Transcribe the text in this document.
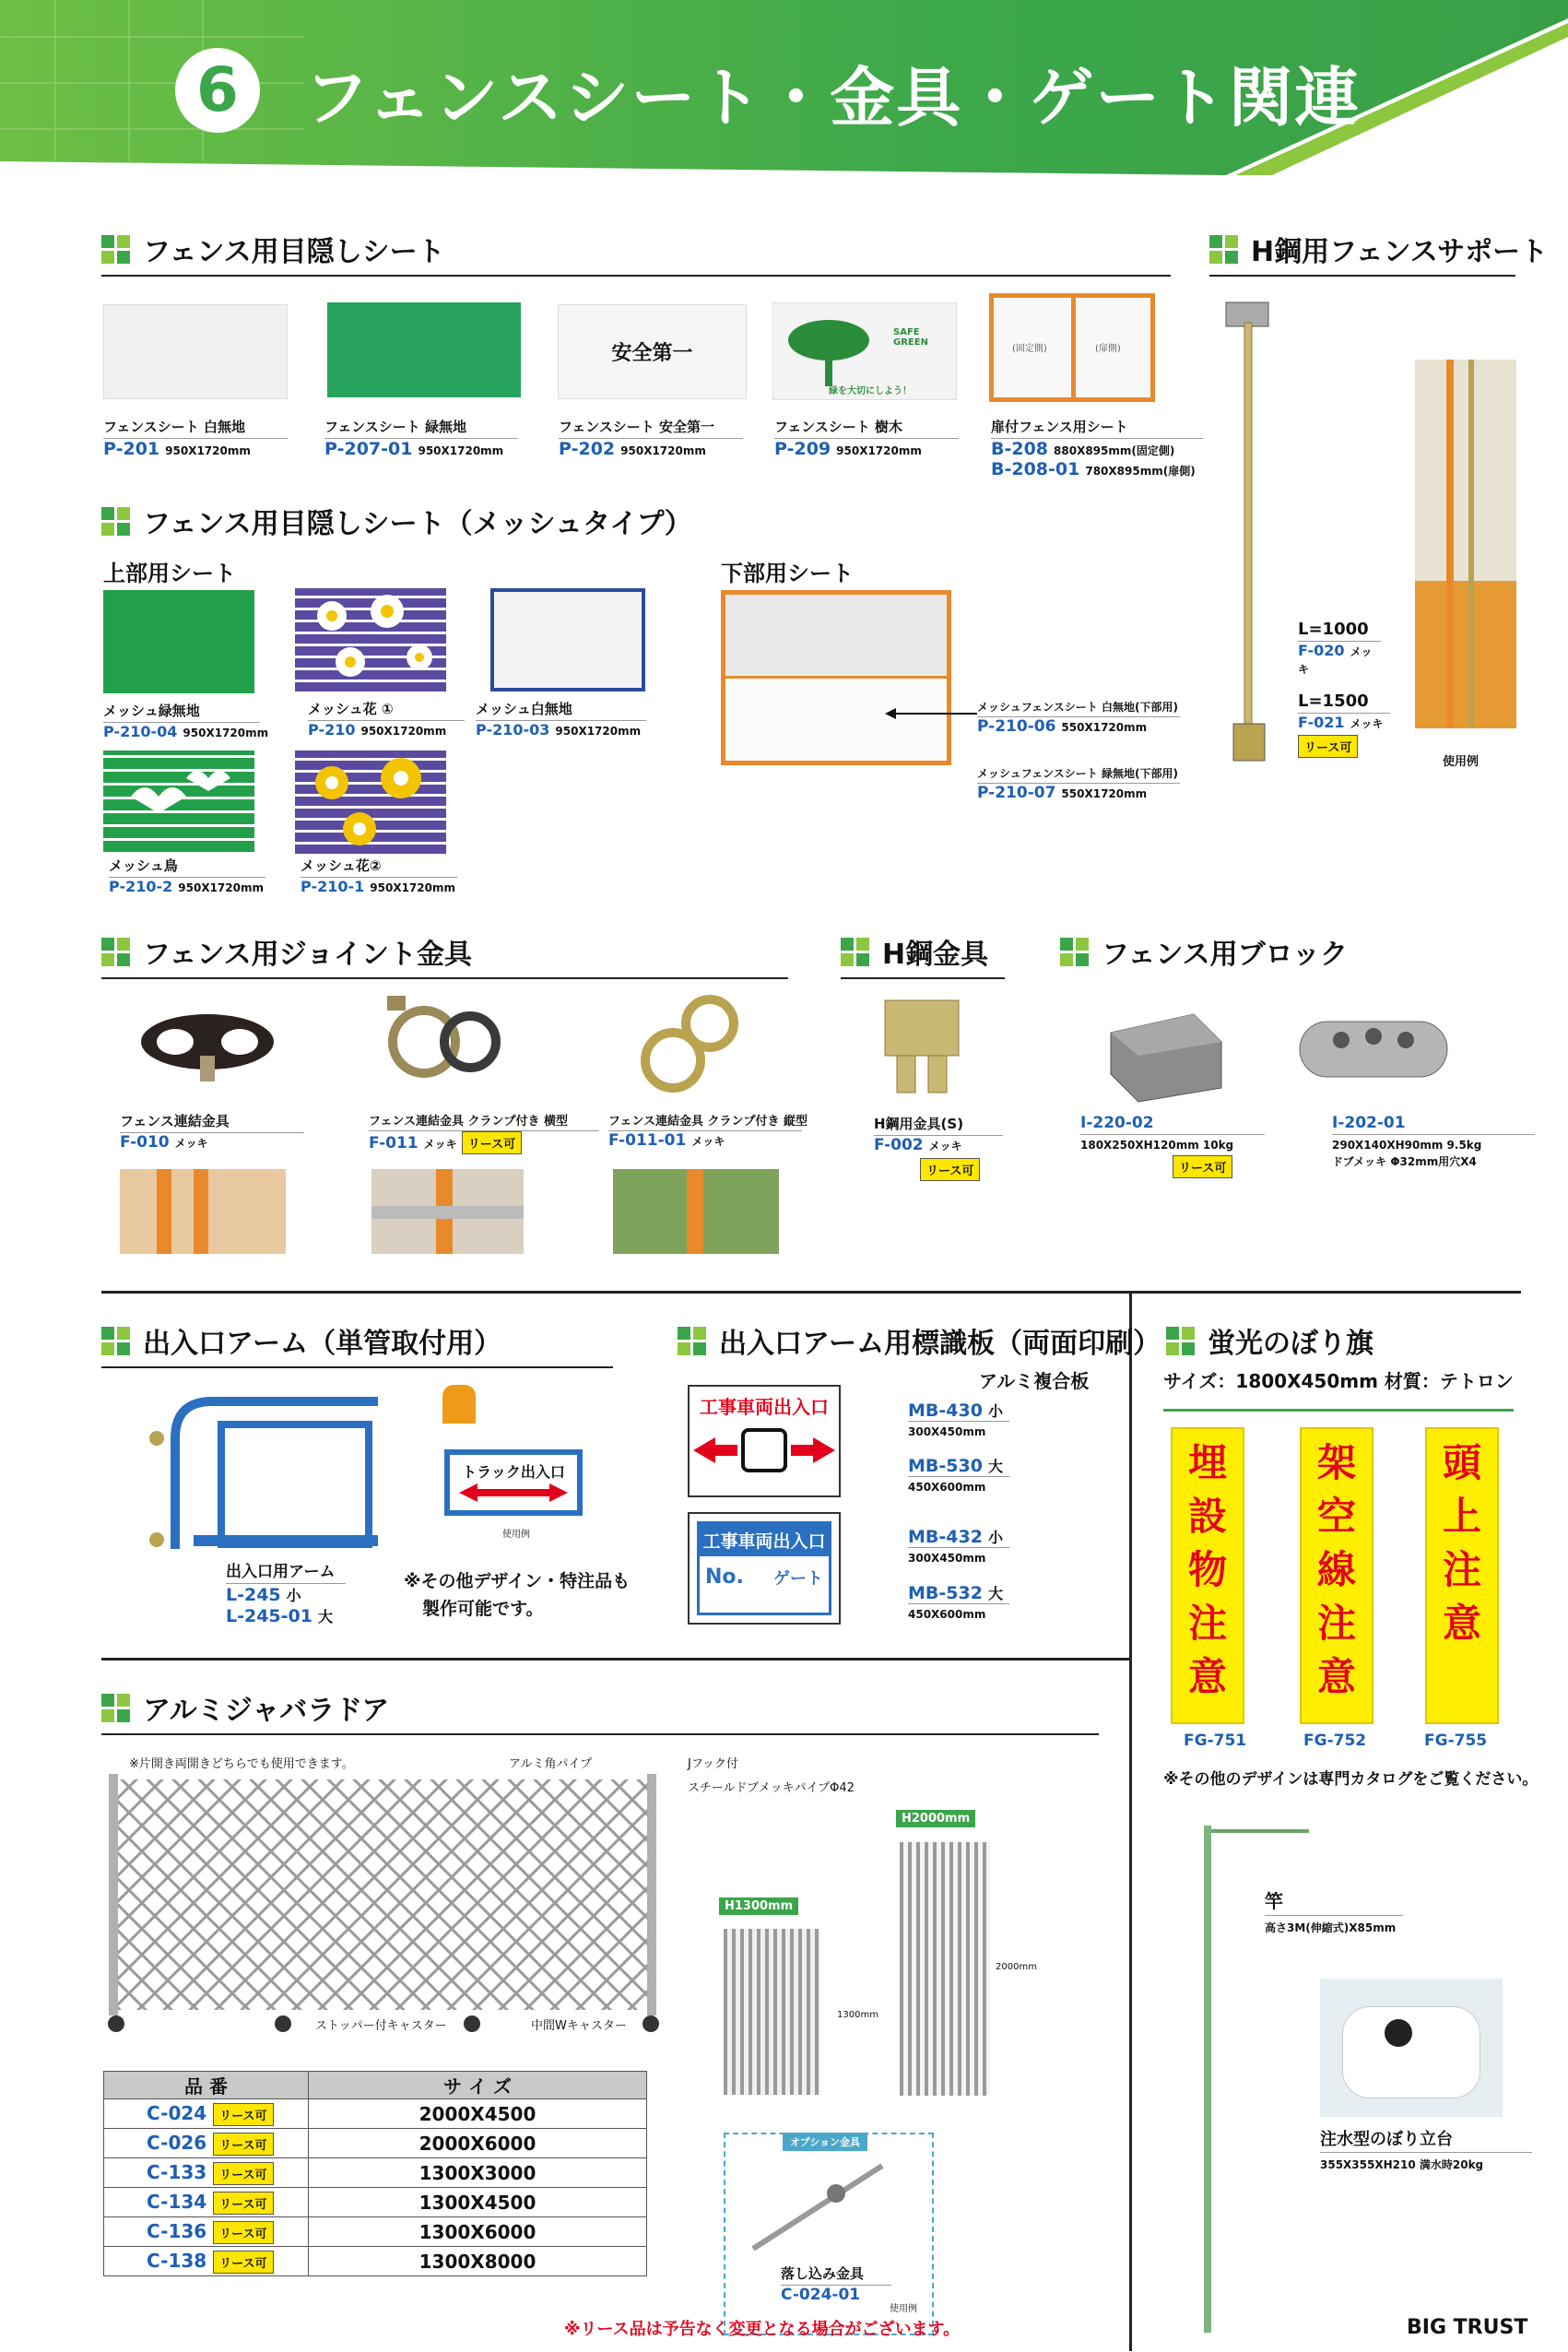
6	フェンスシート・金具・ゲート関連
フェンス用目隠しシート
安全第一
SAFE GREEN
緑を大切にしよう！
(固定側)	(扉側)
フェンスシート 白無地
P-201 950X1720mm
フェンスシート 緑無地
P-207-01 950X1720mm
フェンスシート 安全第一
P-202 950X1720mm
フェンスシート 樹木
P-209 950X1720mm
扉付フェンス用シート
B-208 880X895mm(固定側)
B-208-01 780X895mm(扉側)
H鋼用フェンスサポート
L=1000
F-020 メッキ
L=1500
F-021 メッキ
リース可
使用例
フェンス用目隠しシート（メッシュタイプ）
上部用シート	下部用シート
メッシュ緑無地
P-210-04 950X1720mm
メッシュ花 ①
P-210 950X1720mm
メッシュ白無地
P-210-03 950X1720mm
メッシュ鳥
P-210-2 950X1720mm
メッシュ花②
P-210-1 950X1720mm
メッシュフェンスシート 白無地(下部用)
P-210-06 550X1720mm
メッシュフェンスシート 緑無地(下部用)
P-210-07 550X1720mm
フェンス用ジョイント金具
フェンス連結金具
F-010 メッキ
フェンス連結金具 クランプ付き 横型
F-011 メッキ リース可
フェンス連結金具 クランプ付き 縦型
F-011-01 メッキ
H鋼金具
H鋼用金具(S)
F-002 メッキ
リース可
フェンス用ブロック
I-220-02
180X250XH120mm 10kg
リース可
I-202-01
290X140XH90mm 9.5kg
ドブメッキ Φ32mm用穴X4
出入口アーム（単管取付用）
トラック出入口
使用例
出入口用アーム
L-245 小
L-245-01 大
※その他デザイン・特注品も
製作可能です。
出入口アーム用標識板（両面印刷）
アルミ複合板
工事車両出入口
工事車両出入口
No. ゲート
MB-430 小
300X450mm
MB-530 大
450X600mm
MB-432 小
300X450mm
MB-532 大
450X600mm
蛍光のぼり旗
サイズ：1800X450mm 材質：テトロン
埋設物注意
架空線注意
頭上注意
FG-751	FG-752	FG-755
※その他のデザインは専門カタログをご覧ください。
竿
高さ3M(伸縮式)X85mm
注水型のぼり立台
355X355XH210 満水時20kg
アルミジャバラドア
※片開き両開きどちらでも使用できます。	アルミ角パイプ	Jフック付
スチールドブメッキパイプΦ42
ストッパー付キャスター	中間Wキャスター
H1300mm
1300mm
H2000mm
2000mm
オプション金具
落し込み金具
C-024-01
使用例
品 番	サ イ ズ
C-024 リース可	2000X4500
C-026 リース可	2000X6000
C-133 リース可	1300X3000
C-134 リース可	1300X4500
C-136 リース可	1300X6000
C-138 リース可	1300X8000
※リース品は予告なく変更となる場合がございます。	BIG TRUST
